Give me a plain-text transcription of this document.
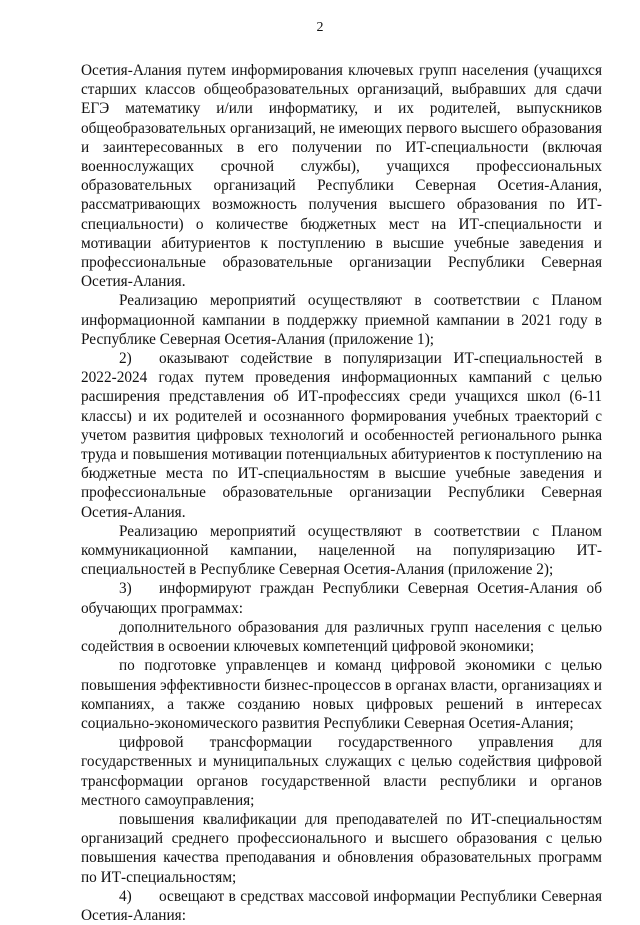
2

Осетия-Алания путем информирования ключевых групп населения (учащихся старших классов общеобразовательных организаций, выбравших для сдачи ЕГЭ математику и/или информатику, и их родителей, выпускников общеобразовательных организаций, не имеющих первого высшего образования и заинтересованных в его получении по ИТ-специальности (включая военнослужащих срочной службы), учащихся профессиональных образовательных организаций Республики Северная Осетия-Алания, рассматривающих возможность получения высшего образования по ИТ-специальности) о количестве бюджетных мест на ИТ-специальности и мотивации абитуриентов к поступлению в высшие учебные заведения и профессиональные образовательные организации Республики Северная Осетия-Алания.

Реализацию мероприятий осуществляют в соответствии с Планом информационной кампании в поддержку приемной кампании в 2021 году в Республике Северная Осетия-Алания (приложение 1);

2) оказывают содействие в популяризации ИТ-специальностей в 2022-2024 годах путем проведения информационных кампаний с целью расширения представления об ИТ-профессиях среди учащихся школ (6-11 классы) и их родителей и осознанного формирования учебных траекторий с учетом развития цифровых технологий и особенностей регионального рынка труда и повышения мотивации потенциальных абитуриентов к поступлению на бюджетные места по ИТ-специальностям в высшие учебные заведения и профессиональные образовательные организации Республики Северная Осетия-Алания.

Реализацию мероприятий осуществляют в соответствии с Планом коммуникационной кампании, нацеленной на популяризацию ИТ-специальностей в Республике Северная Осетия-Алания (приложение 2);

3) информируют граждан Республики Северная Осетия-Алания об обучающих программах:

дополнительного образования для различных групп населения с целью содействия в освоении ключевых компетенций цифровой экономики;

по подготовке управленцев и команд цифровой экономики с целью повышения эффективности бизнес-процессов в органах власти, организациях и компаниях, а также созданию новых цифровых решений в интересах социально-экономического развития Республики Северная Осетия-Алания;

цифровой трансформации государственного управления для государственных и муниципальных служащих с целью содействия цифровой трансформации органов государственной власти республики и органов местного самоуправления;

повышения квалификации для преподавателей по ИТ-специальностям организаций среднего профессионального и высшего образования с целью повышения качества преподавания и обновления образовательных программ по ИТ-специальностям;

4) освещают в средствах массовой информации Республики Северная Осетия-Алания:
